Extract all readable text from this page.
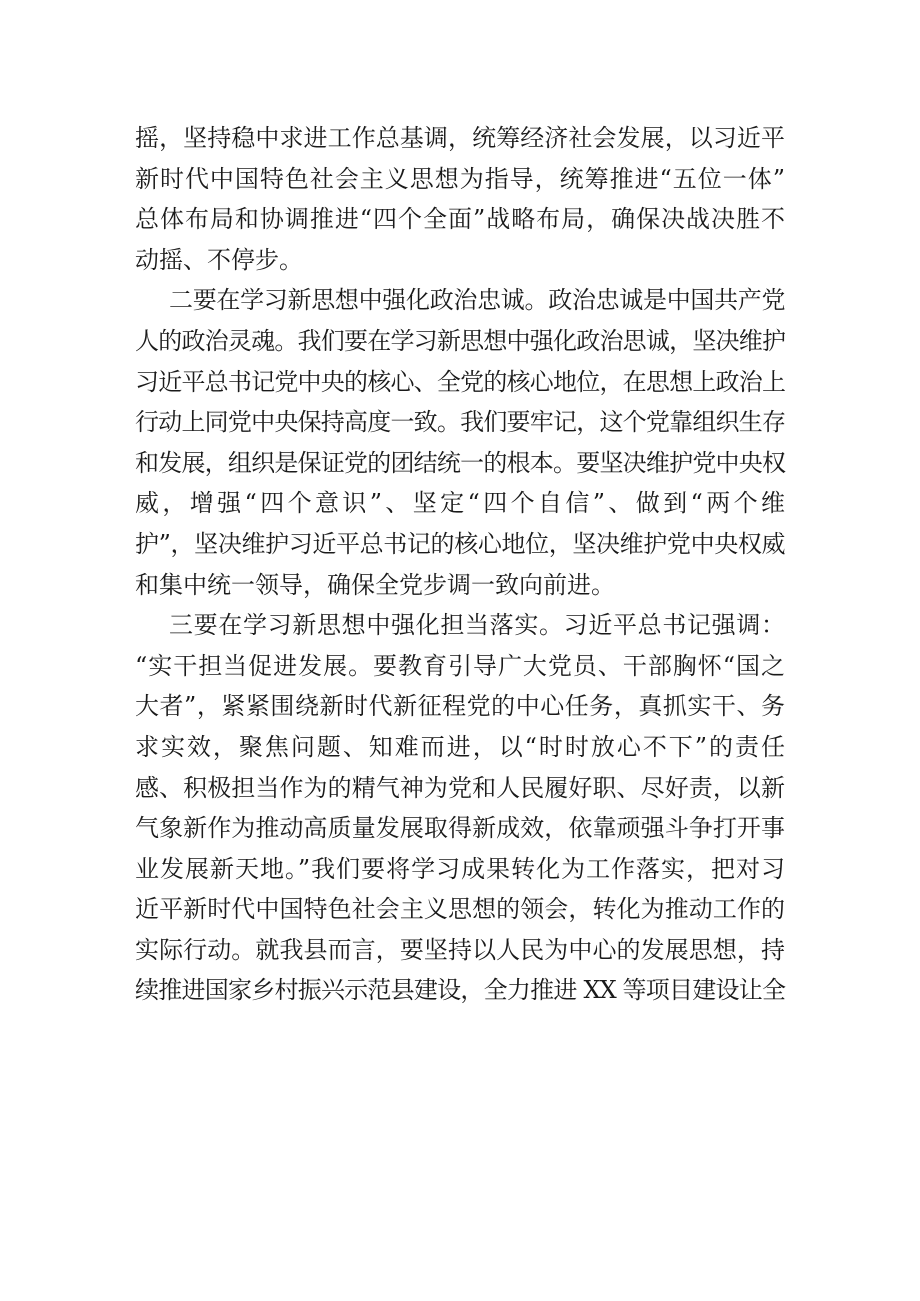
摇，坚持稳中求进工作总基调，统筹经济社会发展，以习近平
新时代中国特色社会主义思想为指导，统筹推进“五位一体”
总体布局和协调推进“四个全面”战略布局，确保决战决胜不
动摇、不停步。
二要在学习新思想中强化政治忠诚。政治忠诚是中国共产党
人的政治灵魂。我们要在学习新思想中强化政治思诚，坚决维护
习近平总书记党中央的核心、全党的核心地位，在思想上政治上
行动上同党中央保持高度一致。我们要牢记，这个党靠组织生存
和发展，组织是保证党的团结统一的根本。要坚决维护党中央权
威，增强“四个意识”、坚定“四个自信”、做到“两个维
护”，坚决维护习近平总书记的核心地位，坚决维护党中央权威
和集中统一领导，确保全党步调一致向前进。
三要在学习新思想中强化担当落实。习近平总书记强调：
“实干担当促进发展。要教育引导广大党员、干部胸怀“国之
大者”，紧紧围绕新时代新征程党的中心任务，真抓实干、务
求实效，聚焦问题、知难而进，以“时时放心不下”的责任
感、积极担当作为的精气神为党和人民履好职、尽好责，以新
气象新作为推动高质量发展取得新成效，依靠顽强斗争打开事
业发展新天地。”我们要将学习成果转化为工作落实，把对习
近平新时代中国特色社会主义思想的领会，转化为推动工作的
实际行动。就我县而言，要坚持以人民为中心的发展思想，持
续推进国家乡村振兴示范县建设，全力推进 XX 等项目建设让全
